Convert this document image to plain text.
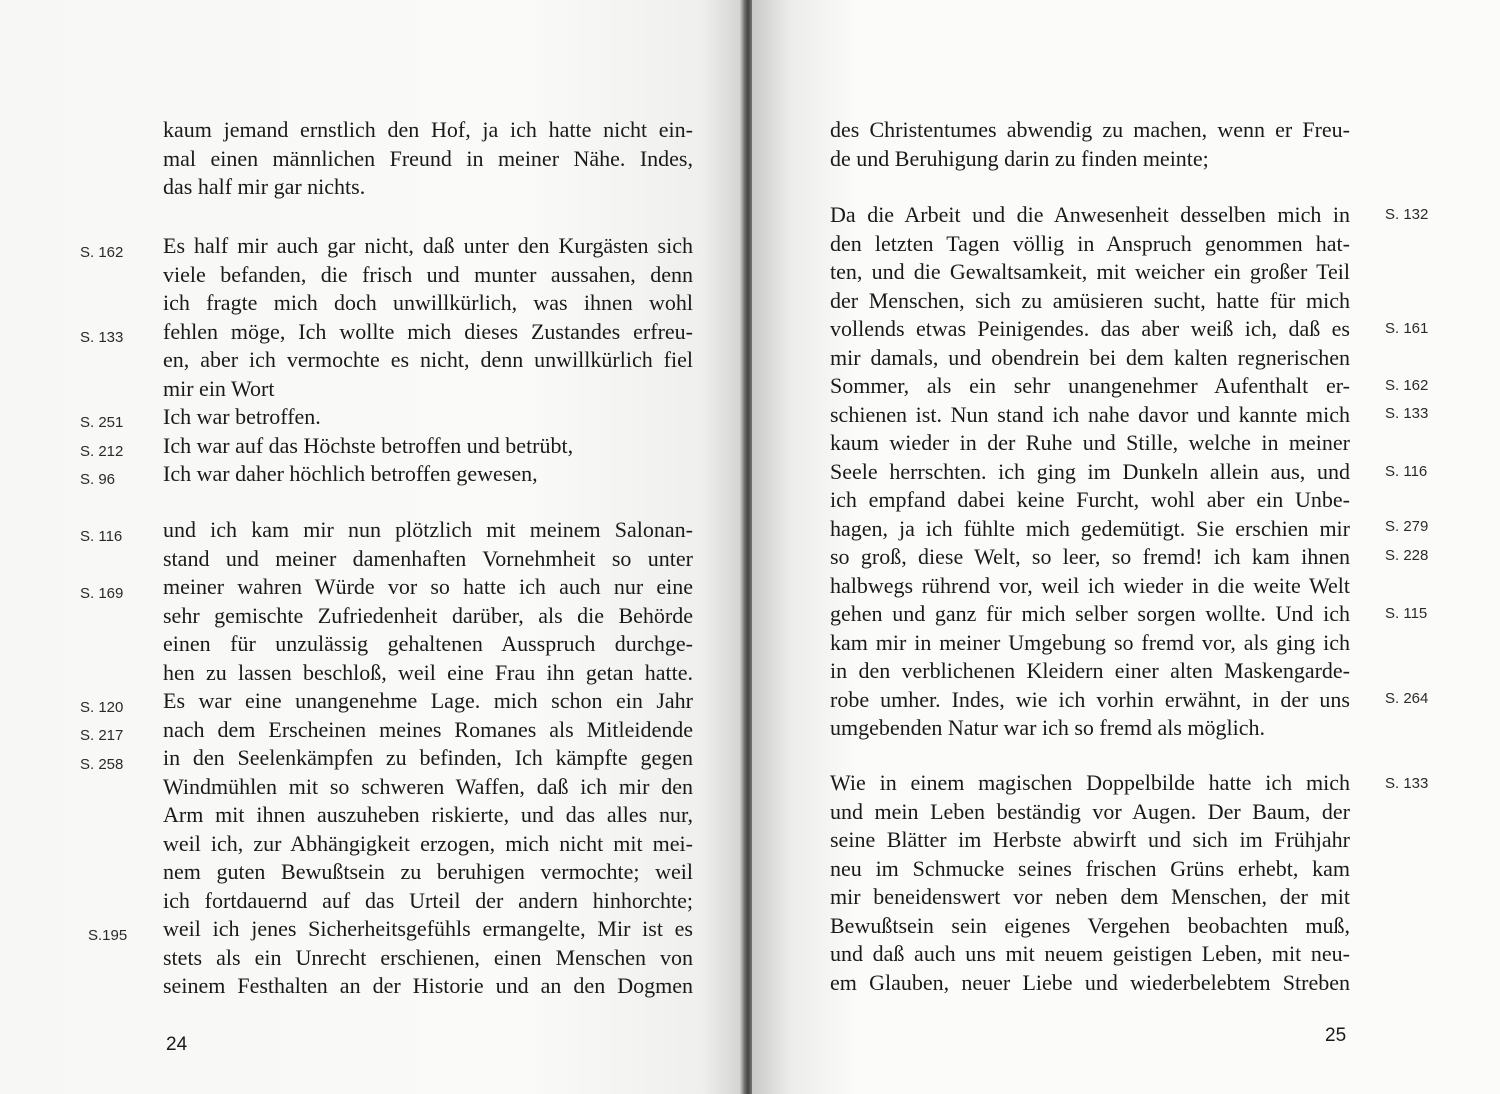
kaum jemand ernstlich den Hof, ja ich hatte nicht ein-
mal einen männlichen Freund in meiner Nähe. Indes,
das half mir gar nichts.
Es half mir auch gar nicht, daß unter den Kurgästen sich
viele befanden, die frisch und munter aussahen, denn
ich fragte mich doch unwillkürlich, was ihnen wohl
fehlen möge, Ich wollte mich dieses Zustandes erfreu-
en, aber ich vermochte es nicht, denn unwillkürlich fiel
mir ein Wort
Ich war betroffen.
Ich war auf das Höchste betroffen und betrübt,
Ich war daher höchlich betroffen gewesen,
und ich kam mir nun plötzlich mit meinem Salonan-
stand und meiner damenhaften Vornehmheit so unter
meiner wahren Würde vor so hatte ich auch nur eine
sehr gemischte Zufriedenheit darüber, als die Behörde
einen für unzulässig gehaltenen Ausspruch durchge-
hen zu lassen beschloß, weil eine Frau ihn getan hatte.
Es war eine unangenehme Lage. mich schon ein Jahr
nach dem Erscheinen meines Romanes als Mitleidende
in den Seelenkämpfen zu befinden, Ich kämpfte gegen
Windmühlen mit so schweren Waffen, daß ich mir den
Arm mit ihnen auszuheben riskierte, und das alles nur,
weil ich, zur Abhängigkeit erzogen, mich nicht mit mei-
nem guten Bewußtsein zu beruhigen vermochte; weil
ich fortdauernd auf das Urteil der andern hinhorchte;
weil ich jenes Sicherheitsgefühls ermangelte, Mir ist es
stets als ein Unrecht erschienen, einen Menschen von
seinem Festhalten an der Historie und an den Dogmen
S. 162
S. 133
S. 251
S. 212
S. 96
S. 116
S. 169
S. 120
S. 217
S. 258
S.195
24
des Christentumes abwendig zu machen, wenn er Freu-
de und Beruhigung darin zu finden meinte;
Da die Arbeit und die Anwesenheit desselben mich in
den letzten Tagen völlig in Anspruch genommen hat-
ten, und die Gewaltsamkeit, mit weicher ein großer Teil
der Menschen, sich zu amüsieren sucht, hatte für mich
vollends etwas Peinigendes. das aber weiß ich, daß es
mir damals, und obendrein bei dem kalten regnerischen
Sommer, als ein sehr unangenehmer Aufenthalt er-
schienen ist. Nun stand ich nahe davor und kannte mich
kaum wieder in der Ruhe und Stille, welche in meiner
Seele herrschten. ich ging im Dunkeln allein aus, und
ich empfand dabei keine Furcht, wohl aber ein Unbe-
hagen, ja ich fühlte mich gedemütigt. Sie erschien mir
so groß, diese Welt, so leer, so fremd! ich kam ihnen
halbwegs rührend vor, weil ich wieder in die weite Welt
gehen und ganz für mich selber sorgen wollte. Und ich
kam mir in meiner Umgebung so fremd vor, als ging ich
in den verblichenen Kleidern einer alten Maskengarde-
robe umher. Indes, wie ich vorhin erwähnt, in der uns
umgebenden Natur war ich so fremd als möglich.
Wie in einem magischen Doppelbilde hatte ich mich
und mein Leben beständig vor Augen. Der Baum, der
seine Blätter im Herbste abwirft und sich im Frühjahr
neu im Schmucke seines frischen Grüns erhebt, kam
mir beneidenswert vor neben dem Menschen, der mit
Bewußtsein sein eigenes Vergehen beobachten muß,
und daß auch uns mit neuem geistigen Leben, mit neu-
em Glauben, neuer Liebe und wiederbelebtem Streben
S. 132
S. 161
S. 162
S. 133
S. 116
S. 279
S. 228
S. 115
S. 264
S. 133
25
